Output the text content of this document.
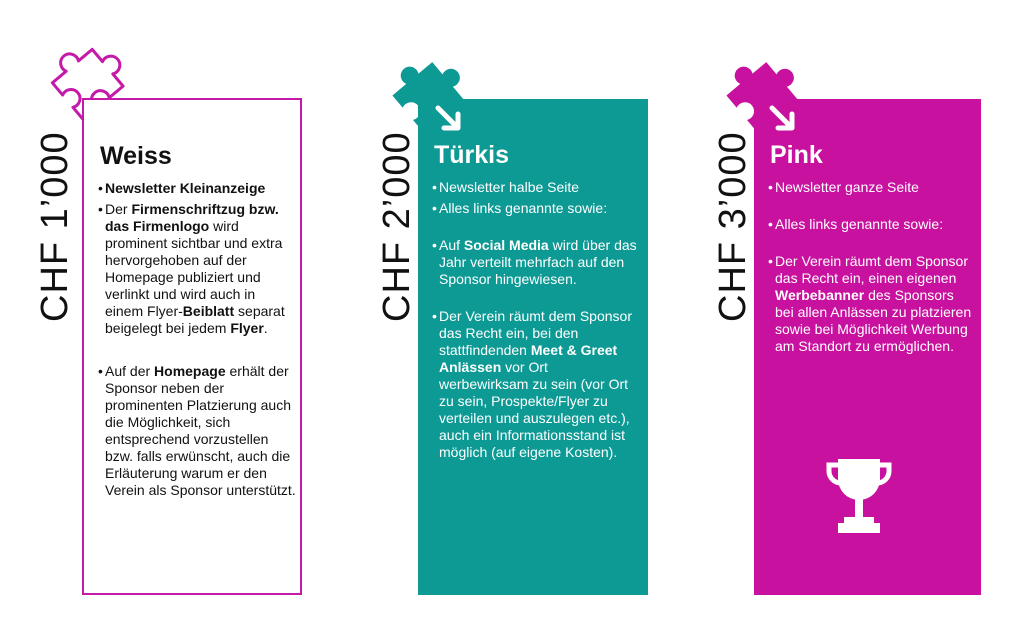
CHF 1’000 Weiss
• Newsletter Kleinanzeige
• Der Firmenschriftzug bzw. das Firmenlogo wird prominent sichtbar und extra hervorgehoben auf der Homepage publiziert und verlinkt und wird auch in einem Flyer-Beiblatt separat beigelegt bei jedem Flyer.
• Auf der Homepage erhält der Sponsor neben der prominenten Platzierung auch die Möglichkeit, sich entsprechend vorzustellen bzw. falls erwünscht, auch die Erläuterung warum er den Verein als Sponsor unterstützt.
CHF 2’000 Türkis
• Newsletter halbe Seite
• Alles links genannte sowie:
• Auf Social Media wird über das Jahr verteilt mehrfach auf den Sponsor hingewiesen.
• Der Verein räumt dem Sponsor das Recht ein, bei den stattfindenden Meet & Greet Anlässen vor Ort werbewirksam zu sein (vor Ort zu sein, Prospekte/Flyer zu verteilen und auszulegen etc.), auch ein Informationsstand ist möglich (auf eigene Kosten).
CHF 3’000 Pink
• Newsletter ganze Seite
• Alles links genannte sowie:
• Der Verein räumt dem Sponsor das Recht ein, einen eigenen Werbebanner des Sponsors bei allen Anlässen zu platzieren sowie bei Möglichkeit Werbung am Standort zu ermöglichen.
